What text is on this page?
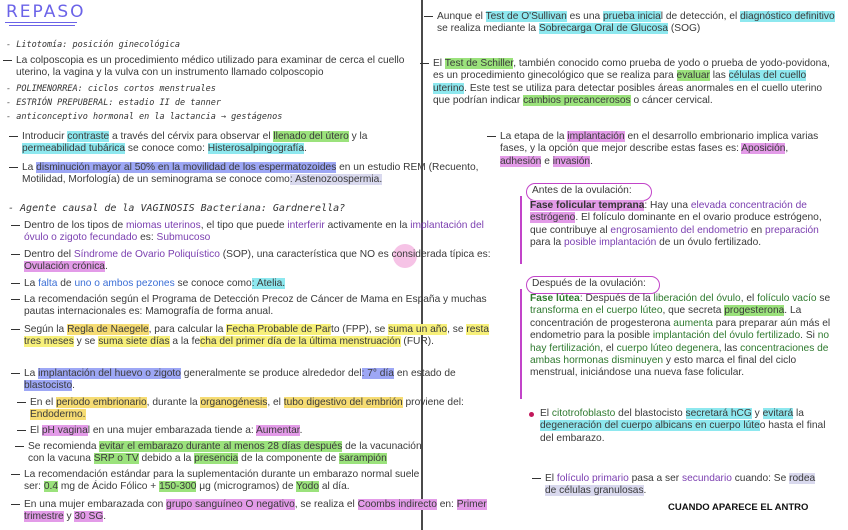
REPASO
- Litotomía: posición ginecológica
- POLIMENORREA: ciclos cortos menstruales
- ESTRIÓN PREPUBERAL: estadio II de tanner
- anticonceptivo hormonal en la lactancia → gestágenos
- Agente causal de la VAGINOSIS Bacteriana: Gardnerella?
La colposcopia es un procedimiento médico utilizado para examinar de cerca el cuello uterino, la vagina y la vulva con un instrumento llamado colposcopio
Introducir contraste a través del cérvix para observar el llenado del útero y la permeabilidad tubárica se conoce como: Histerosalpingografía.
La disminución mayor al 50% en la movilidad de los espermatozoides en un estudio REM (Recuento, Motilidad, Morfología) de un seminograma se conoce como: Astenozoospermia.
Dentro de los tipos de miomas uterinos, el tipo que puede interferir activamente en la implantación del óvulo o zigoto fecundado es: Submucoso
Dentro del Síndrome de Ovario Poliquístico (SOP), una característica que NO es considerada típica es: Ovulación crónica.
La falta de uno o ambos pezones se conoce como: Atelia.
La recomendación según el Programa de Detección Precoz de Cáncer de Mama en España y muchas pautas internacionales es: Mamografía de forma anual.
Según la Regla de Naegele, para calcular la Fecha Probable de Parto (FPP), se suma un año, se resta tres meses y se suma siete días a la fecha del primer día de la última menstruación (FUR).
La implantación del huevo o zigoto generalmente se produce alrededor del: 7° día en estado de blastocisto.
En el periodo embrionario, durante la organogénesis, el tubo digestivo del embrión proviene del: Endodermo.
El pH vaginal en una mujer embarazada tiende a: Aumentar.
Se recomienda evitar el embarazo durante al menos 28 días después de la vacunación con la vacuna SRP o TV debido a la presencia de la componente de sarampión
La recomendación estándar para la suplementación durante un embarazo normal suele ser: 0.4 mg de Ácido Fólico + 150-300 μg (microgramos) de Yodo al día.
En una mujer embarazada con grupo sanguíneo O negativo, se realiza el Coombs indirecto en: Primer trimestre y 30 SG.
Aunque el Test de O'Sullivan es una prueba inicial de detección, el diagnóstico definitivo se realiza mediante la Sobrecarga Oral de Glucosa (SOG)
El Test de Schiller, también conocido como prueba de yodo o prueba de yodo-povidona, es un procedimiento ginecológico que se realiza para evaluar las células del cuello uterino. Este test se utiliza para detectar posibles áreas anormales en el cuello uterino que podrían indicar cambios precancerosos o cáncer cervical.
La etapa de la implantación en el desarrollo embrionario implica varias fases, y la opción que mejor describe estas fases es: Aposición, adhesión e invasión.
Antes de la ovulación:
Fase folicular temprana: Hay una elevada concentración de estrógeno. El folículo dominante en el ovario produce estrógeno, que contribuye al engrosamiento del endometrio en preparación para la posible implantación de un óvulo fertilizado.
Después de la ovulación:
Fase lútea: Después de la liberación del óvulo, el folículo vacío se transforma en el cuerpo lúteo, que secreta progesterona. La concentración de progesterona aumenta para preparar aún más el endometrio para la posible implantación del óvulo fertilizado. Si no hay fertilización, el cuerpo lúteo degenera, las concentraciones de ambas hormonas disminuyen y esto marca el final del ciclo menstrual, iniciándose una nueva fase folicular.
El citotrofoblasto del blastocisto secretará hCG y evitará la degeneración del cuerpo albicans en cuerpo lúteo hasta el final del embarazo.
El folículo primario pasa a ser secundario cuando: Se rodea de células granulosas.
CUANDO APARECE EL ANTRO
